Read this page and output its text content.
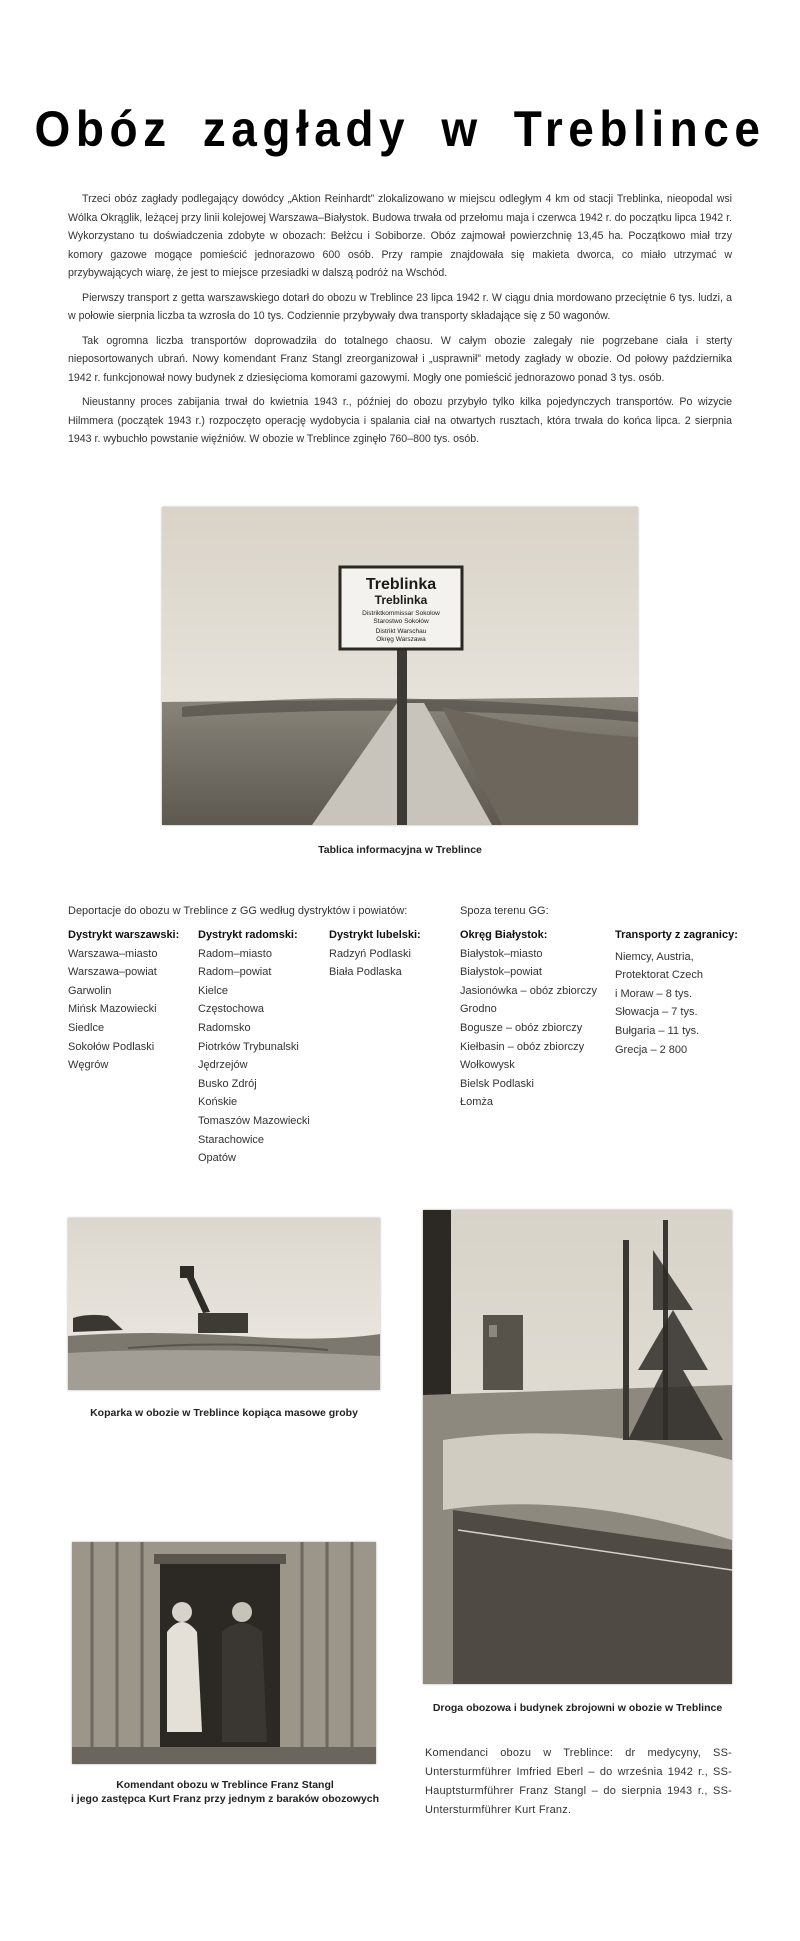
Obóz zagłady w Treblince

Trzeci obóz zagłady podlegający dowódcy „Aktion Reinhardt” zlokalizowano w miejscu odległym 4 km od stacji Treblinka, nieopodal wsi Wólka Okrąglik, leżącej przy linii kolejowej Warszawa–Białystok. Budowa trwała od przełomu maja i czerwca 1942 r. do początku lipca 1942 r. Wykorzystano tu doświadczenia zdobyte w obozach: Bełżcu i Sobiborze. Obóz zajmował powierzchnię 13,45 ha. Początkowo miał trzy komory gazowe mogące pomieścić jednorazowo 600 osób. Przy rampie znajdowała się makieta dworca, co miało utrzymać w przybywających wiarę, że jest to miejsce przesiadki w dalszą podróż na Wschód.

Pierwszy transport z getta warszawskiego dotarł do obozu w Treblince 23 lipca 1942 r. W ciągu dnia mordowano przeciętnie 6 tys. ludzi, a w połowie sierpnia liczba ta wzrosła do 10 tys. Codziennie przybywały dwa transporty składające się z 50 wagonów.

Tak ogromna liczba transportów doprowadziła do totalnego chaosu. W całym obozie zalegały nie pogrzebane ciała i sterty nieposortowanych ubrań. Nowy komendant Franz Stangl zreorganizował i „usprawnił” metody zagłady w obozie. Od połowy października 1942 r. funkcjonował nowy budynek z dziesięcioma komorami gazowymi. Mogły one pomieścić jednorazowo ponad 3 tys. osób.

Nieustanny proces zabijania trwał do kwietnia 1943 r., później do obozu przybyło tylko kilka pojedynczych transportów. Po wizycie Hilmmera (początek 1943 r.) rozpoczęto operację wydobycia i spalania ciał na otwartych rusztach, która trwała do końca lipca. 2 sierpnia 1943 r. wybuchło powstanie więźniów. W obozie w Treblince zginęło 760–800 tys. osób.

Treblinka
Treblinka
Distriktkommissar Sokolow
Starostwo Sokołów
Distrikt Warschau
Okręg Warszawa
Tablica informacyjna w Treblince
Deportacje do obozu w Treblince z GG według dystryktów i powiatów:	Spoza terenu GG:
Dystrykt warszawski:
Warszawa–miasto
Warszawa–powiat
Garwolin
Mińsk Mazowiecki
Siedlce
Sokołów Podlaski
Węgrów
Dystrykt radomski:
Radom–miasto
Radom–powiat
Kielce
Częstochowa
Radomsko
Piotrków Trybunalski
Jędrzejów
Busko Zdrój
Końskie
Tomaszów Mazowiecki
Starachowice
Opatów
Dystrykt lubelski:
Radzyń Podlaski
Biała Podlaska
Okręg Białystok:
Białystok–miasto
Białystok–powiat
Jasionówka – obóz zbiorczy
Grodno
Bogusze – obóz zbiorczy
Kiełbasin – obóz zbiorczy
Wołkowysk
Bielsk Podlaski
Łomża
Transporty z zagranicy:
Niemcy, Austria,
Protektorat Czech
i Moraw – 8 tys.
Słowacja – 7 tys.
Bułgaria – 11 tys.
Grecja – 2 800
Koparka w obozie w Treblince kopiąca masowe groby
Droga obozowa i budynek zbrojowni w obozie w Treblince
Komendant obozu w Treblince Franz Stangl
i jego zastępca Kurt Franz przy jednym z baraków obozowych
Komendanci obozu w Treblince: dr medycyny, SS-Untersturmführer Imfried Eberl – do września 1942 r., SS-Hauptsturmführer Franz Stangl – do sierpnia 1943 r., SS-Untersturmführer Kurt Franz.
